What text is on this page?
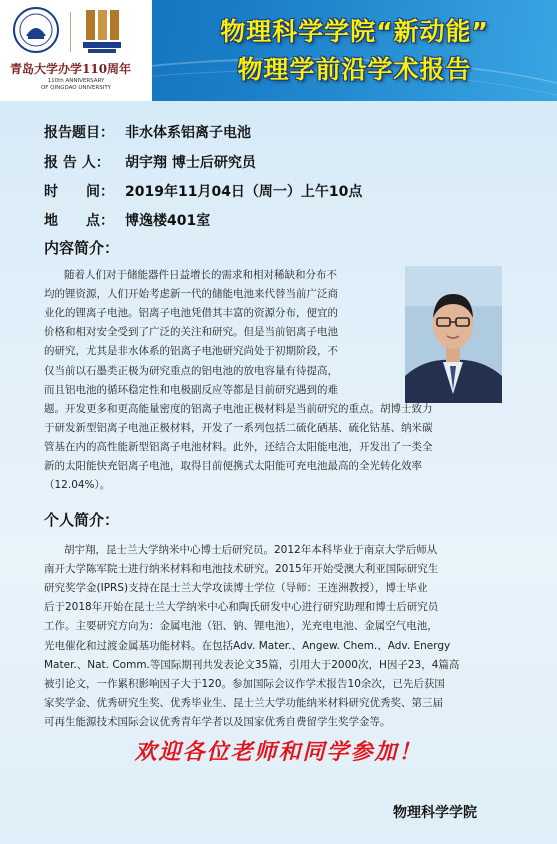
青岛大学办学110周年
110th ANNIVERSARY
OF QINGDAO UNIVERSITY
物理科学学院“新动能”
物理学前沿学术报告
报告题目： 非水体系铝离子电池
报 告 人： 胡宇翔 博士后研究员
时　　间： 2019年11月04日（周一）上午10点
地　　点： 博逸楼401室
内容简介：

随着人们对于储能器件日益增长的需求和相对稀缺和分布不

均的锂资源，人们开始考虑新一代的储能电池来代替当前广泛商

业化的锂离子电池。铝离子电池凭借其丰富的资源分布，便宜的

价格和相对安全受到了广泛的关注和研究。但是当前铝离子电池

的研究，尤其是非水体系的铝离子电池研究尚处于初期阶段，不

仅当前以石墨类正极为研究重点的铝电池的放电容量有待提高，

而且铝电池的循环稳定性和电极副反应等都是目前研究遇到的难

题。开发更多和更高能量密度的铝离子电池正极材料是当前研究的重点。胡博士致力

于研发新型铝离子电池正极材料，开发了一系列包括二硫化硒基、硫化钴基、纳米碳

管基在内的高性能新型铝离子电池材料。此外，还结合太阳能电池，开发出了一类全

新的太阳能快充铝离子电池，取得目前便携式太阳能可充电池最高的全光转化效率

（12.04%）。

个人简介：

胡宇翔，昆士兰大学纳米中心博士后研究员。2012年本科毕业于南京大学后师从

南开大学陈军院士进行纳米材料和电池技术研究。2015年开始受澳大利亚国际研究生

研究奖学金(IPRS)支持在昆士兰大学攻读博士学位（导师：王连洲教授），博士毕业

后于2018年开始在昆士兰大学纳米中心和陶氏研发中心进行研究助理和博士后研究员

工作。主要研究方向为：金属电池（铝、钠、锂电池），光充电电池、金属空气电池，

光电催化和过渡金属基功能材料。在包括Adv. Mater.、Angew. Chem.、Adv. Energy

Mater.、Nat. Comm.等国际期刊共发表论文35篇，引用大于2000次，H因子23，4篇高

被引论文，一作累积影响因子大于120。参加国际会议作学术报告10余次，已先后获国

家奖学金、优秀研究生奖、优秀毕业生、昆士兰大学功能纳米材料研究优秀奖、第三届

可再生能源技术国际会议优秀青年学者以及国家优秀自费留学生奖学金等。

欢迎各位老师和同学参加！
物理科学学院
